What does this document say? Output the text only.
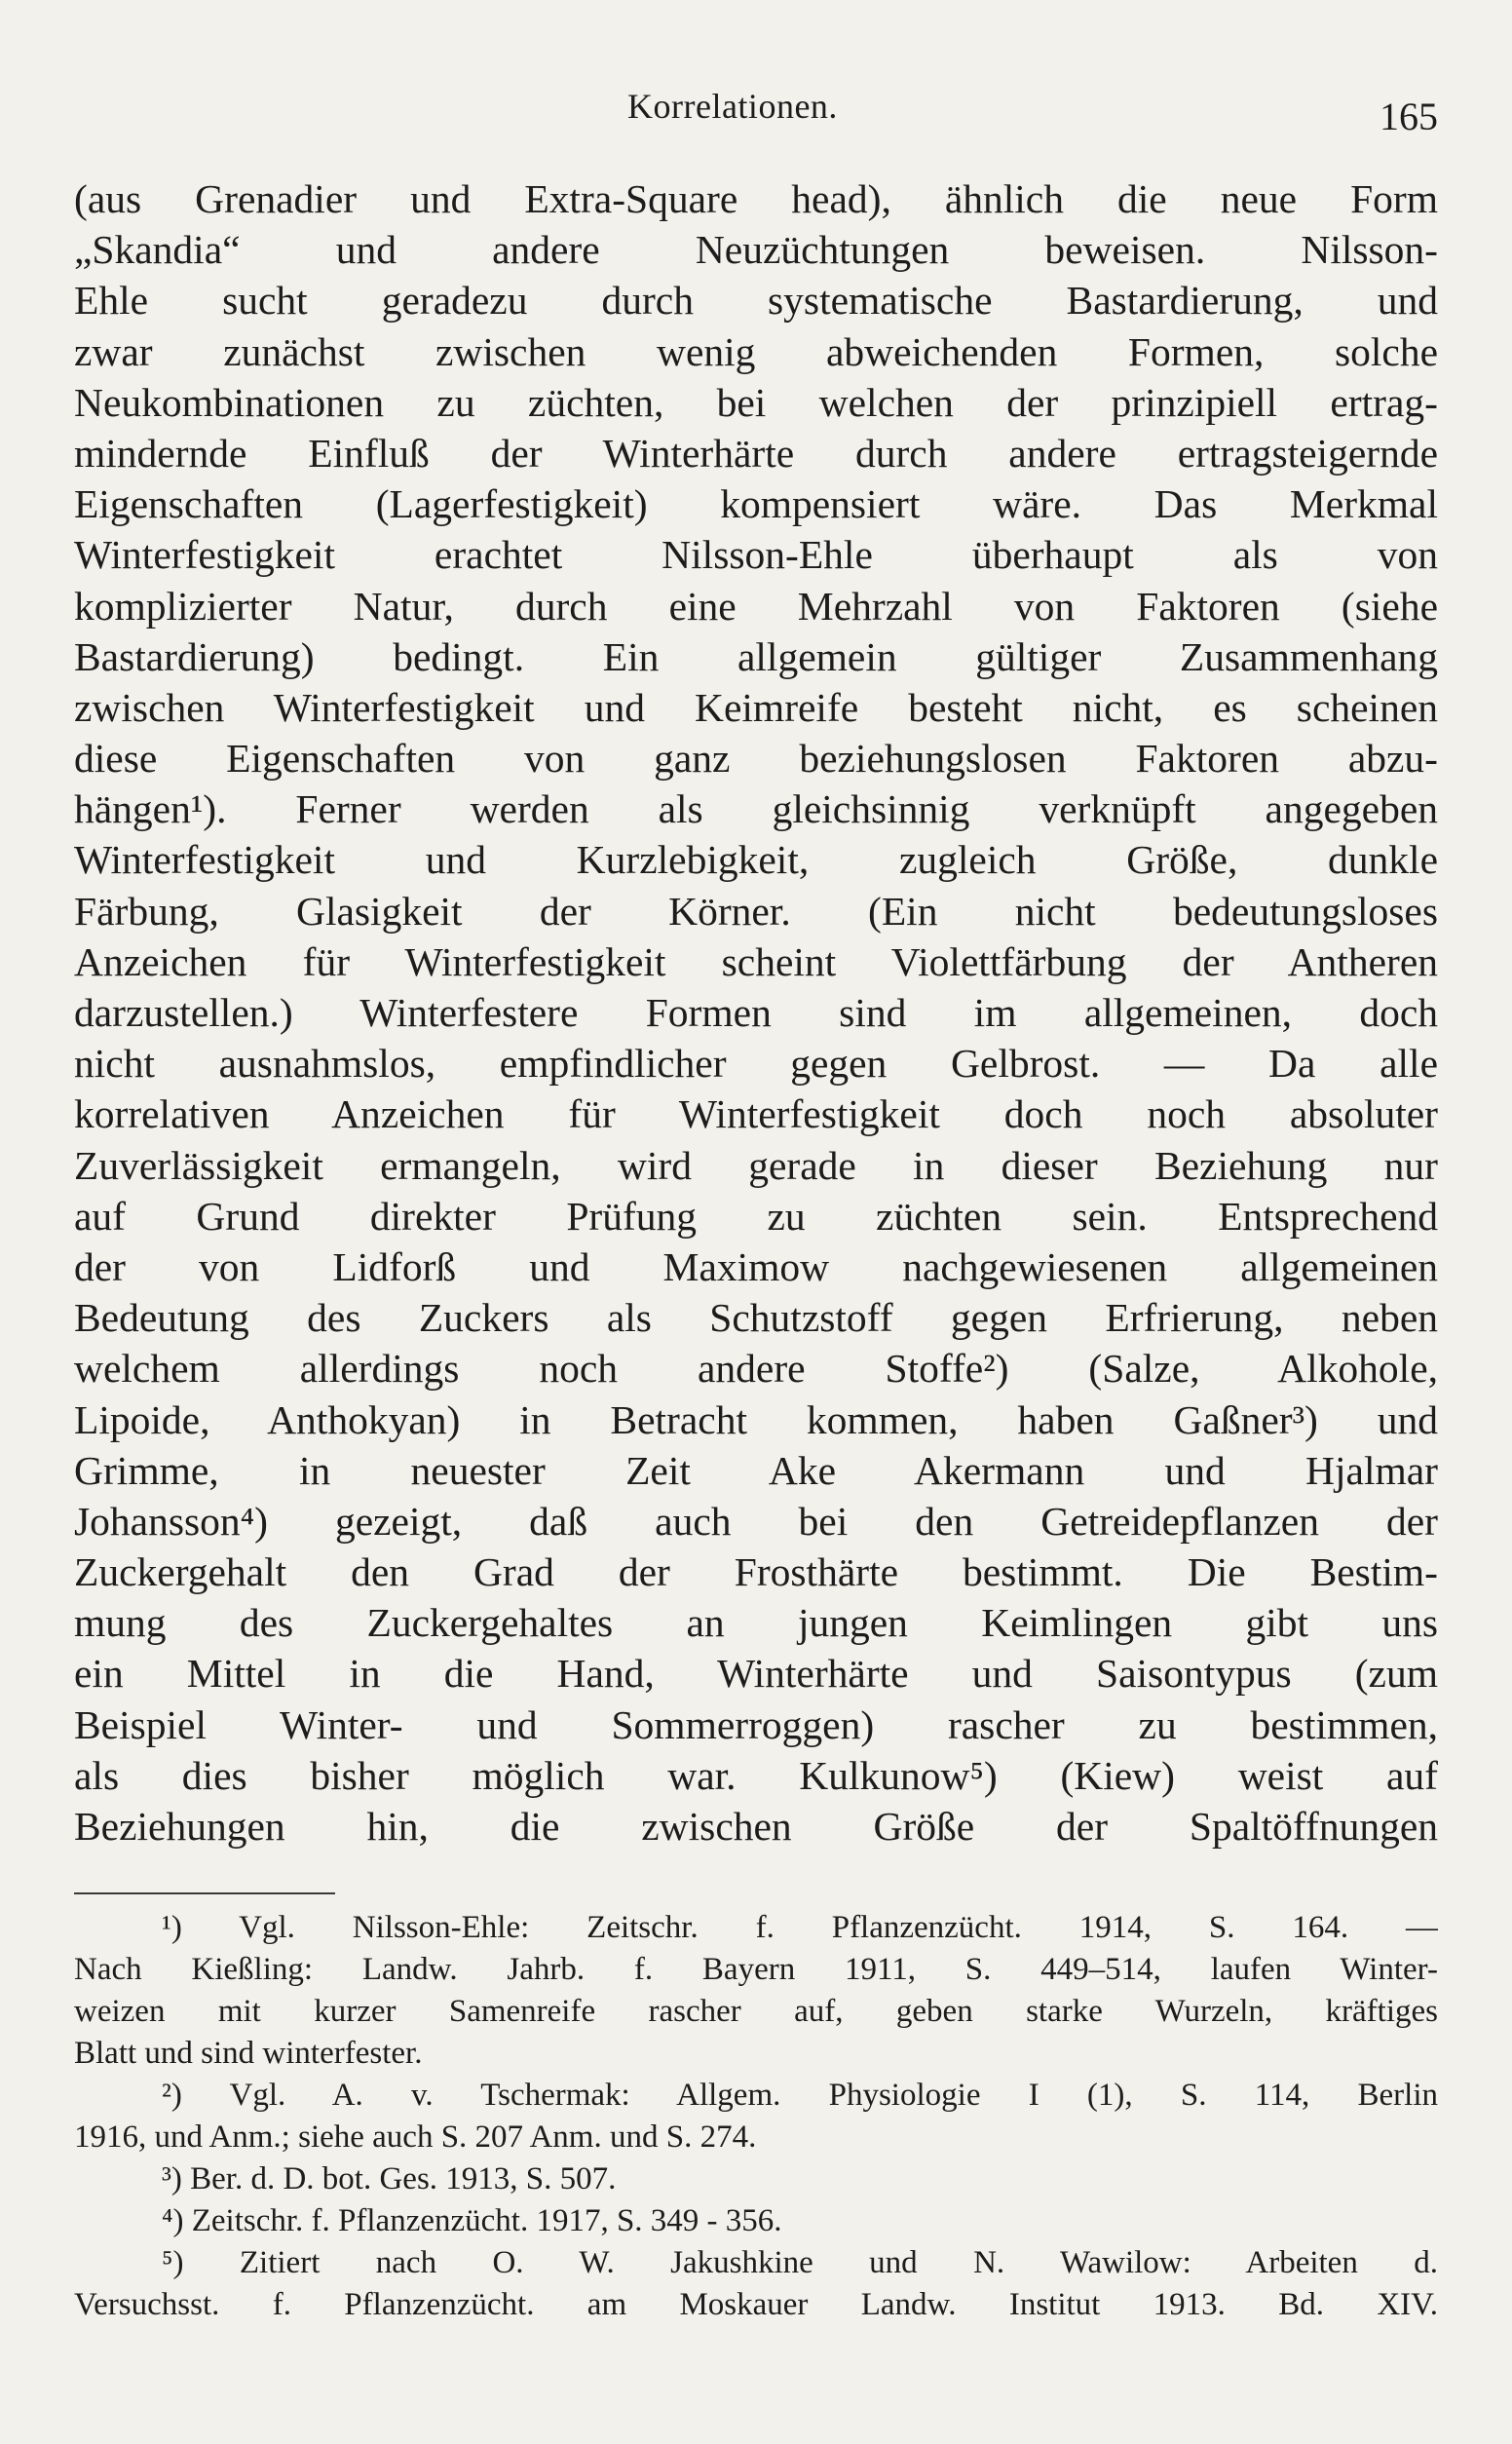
Korrelationen.	165
(aus Grenadier und Extra-Square head), ähnlich die neue Form
„Skandia“ und andere Neuzüchtungen beweisen. Nilsson-
Ehle sucht geradezu durch systematische Bastardierung, und
zwar zunächst zwischen wenig abweichenden Formen, solche
Neukombinationen zu züchten, bei welchen der prinzipiell ertrag-
mindernde Einfluß der Winterhärte durch andere ertragsteigernde
Eigenschaften (Lagerfestigkeit) kompensiert wäre. Das Merkmal
Winterfestigkeit erachtet Nilsson-Ehle überhaupt als von
komplizierter Natur, durch eine Mehrzahl von Faktoren (siehe
Bastardierung) bedingt. Ein allgemein gültiger Zusammenhang
zwischen Winterfestigkeit und Keimreife besteht nicht, es scheinen
diese Eigenschaften von ganz beziehungslosen Faktoren abzu-
hängen¹). Ferner werden als gleichsinnig verknüpft angegeben
Winterfestigkeit und Kurzlebigkeit, zugleich Größe, dunkle
Färbung, Glasigkeit der Körner. (Ein nicht bedeutungsloses
Anzeichen für Winterfestigkeit scheint Violettfärbung der Antheren
darzustellen.) Winterfestere Formen sind im allgemeinen, doch
nicht ausnahmslos, empfindlicher gegen Gelbrost. — Da alle
korrelativen Anzeichen für Winterfestigkeit doch noch absoluter
Zuverlässigkeit ermangeln, wird gerade in dieser Beziehung nur
auf Grund direkter Prüfung zu züchten sein. Entsprechend
der von Lidforß und Maximow nachgewiesenen allgemeinen
Bedeutung des Zuckers als Schutzstoff gegen Erfrierung, neben
welchem allerdings noch andere Stoffe²) (Salze, Alkohole,
Lipoide, Anthokyan) in Betracht kommen, haben Gaßner³) und
Grimme, in neuester Zeit Ake Akermann und Hjalmar
Johansson⁴) gezeigt, daß auch bei den Getreidepflanzen der
Zuckergehalt den Grad der Frosthärte bestimmt. Die Bestim-
mung des Zuckergehaltes an jungen Keimlingen gibt uns
ein Mittel in die Hand, Winterhärte und Saisontypus (zum
Beispiel Winter- und Sommerroggen) rascher zu bestimmen,
als dies bisher möglich war. Kulkunow⁵) (Kiew) weist auf
Beziehungen hin, die zwischen Größe der Spaltöffnungen
¹) Vgl. Nilsson-Ehle: Zeitschr. f. Pflanzenzücht. 1914, S. 164. —
Nach Kießling: Landw. Jahrb. f. Bayern 1911, S. 449–514, laufen Winter-
weizen mit kurzer Samenreife rascher auf, geben starke Wurzeln, kräftiges
Blatt und sind winterfester.
²) Vgl. A. v. Tschermak: Allgem. Physiologie I (1), S. 114, Berlin
1916, und Anm.; siehe auch S. 207 Anm. und S. 274.
³) Ber. d. D. bot. Ges. 1913, S. 507.
⁴) Zeitschr. f. Pflanzenzücht. 1917, S. 349 - 356.
⁵) Zitiert nach O. W. Jakushkine und N. Wawilow: Arbeiten d.
Versuchsst. f. Pflanzenzücht. am Moskauer Landw. Institut 1913. Bd. XIV.
